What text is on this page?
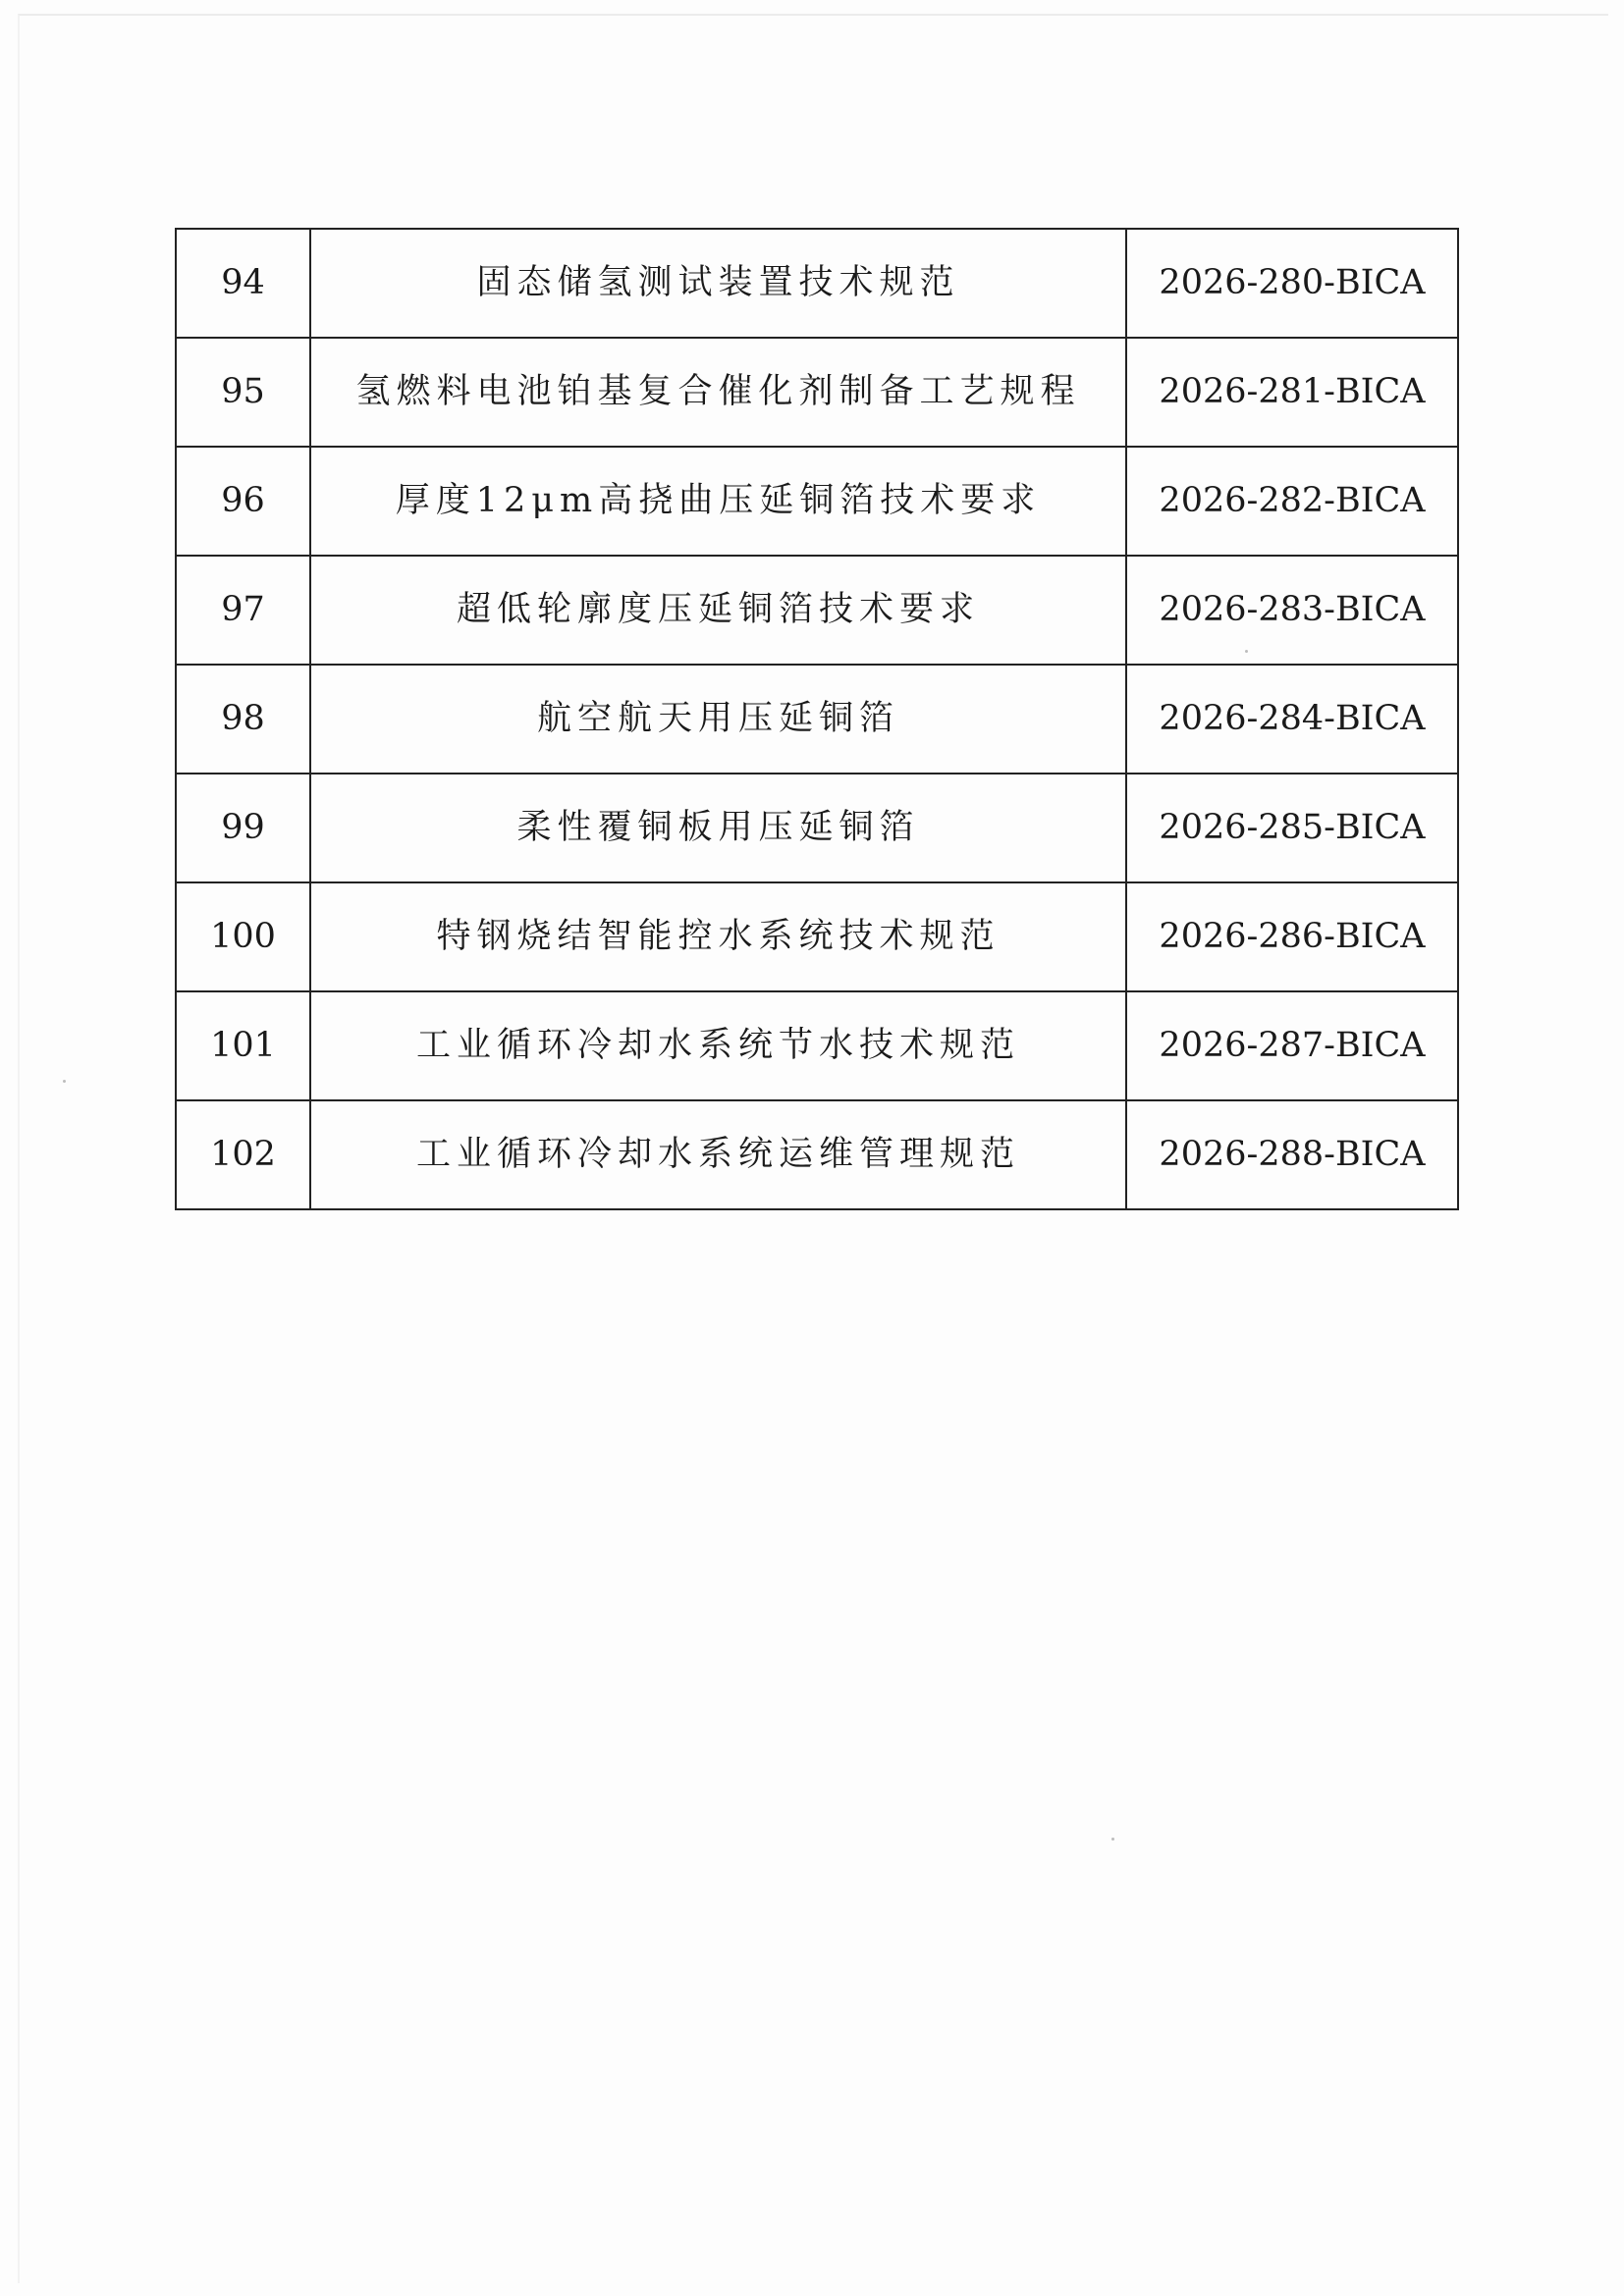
94	固态储氢测试装置技术规范	2026-280-BICA
95	氢燃料电池铂基复合催化剂制备工艺规程	2026-281-BICA
96	厚度12μm高挠曲压延铜箔技术要求	2026-282-BICA
97	超低轮廓度压延铜箔技术要求	2026-283-BICA
98	航空航天用压延铜箔	2026-284-BICA
99	柔性覆铜板用压延铜箔	2026-285-BICA
100	特钢烧结智能控水系统技术规范	2026-286-BICA
101	工业循环冷却水系统节水技术规范	2026-287-BICA
102	工业循环冷却水系统运维管理规范	2026-288-BICA
